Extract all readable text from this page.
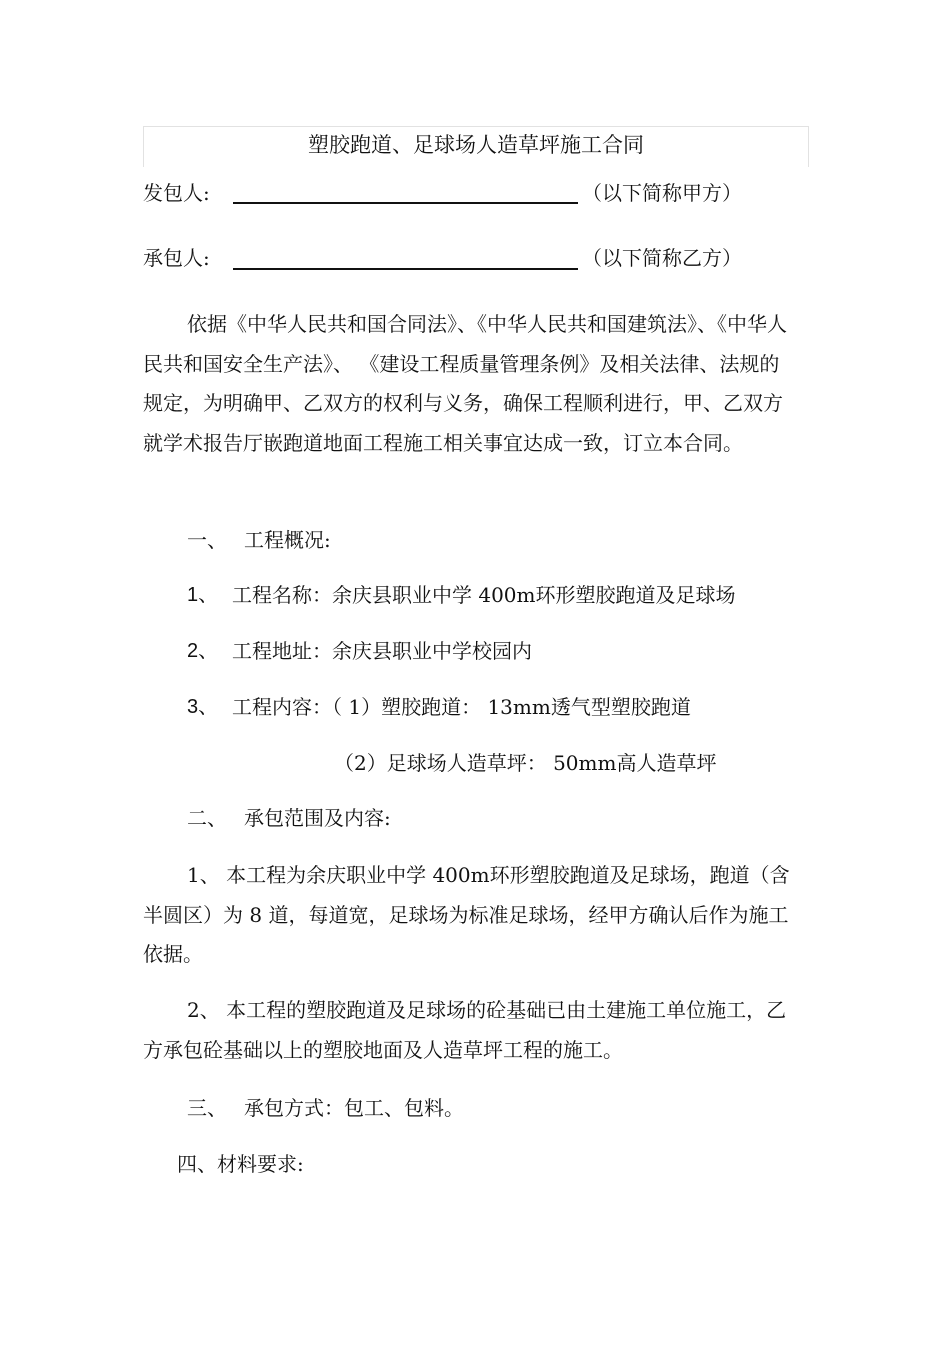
塑胶跑道、足球场人造草坪施工合同
发包人:	（以下简称甲方）
承包人:	（以下简称乙方）
依据《中华人民共和国合同法》、《中华人民共和国建筑法》、《中华人民共和国安全生产法》、 《建设工程质量管理条例》及相关法律、法规的规定，为明确甲、乙双方的权利与义务，确保工程顺利进行，甲、乙双方就学术报告厅嵌跑道地面工程施工相关事宜达成一致，订立本合同。
一、 工程概况:
1、 工程名称：余庆县职业中学 400m环形塑胶跑道及足球场
2、 工程地址：余庆县职业中学校园内
3、 工程内容：（ 1）塑胶跑道： 13mm透气型塑胶跑道
（2）足球场人造草坪： 50mm高人造草坪
二、 承包范围及内容:
1、 本工程为余庆职业中学 400m环形塑胶跑道及足球场，跑道（含半圆区）为 8 道，每道宽，足球场为标准足球场，经甲方确认后作为施工依据。
2、 本工程的塑胶跑道及足球场的砼基础已由土建施工单位施工，乙方承包砼基础以上的塑胶地面及人造草坪工程的施工。
三、 承包方式：包工、包料。
四、材料要求:
